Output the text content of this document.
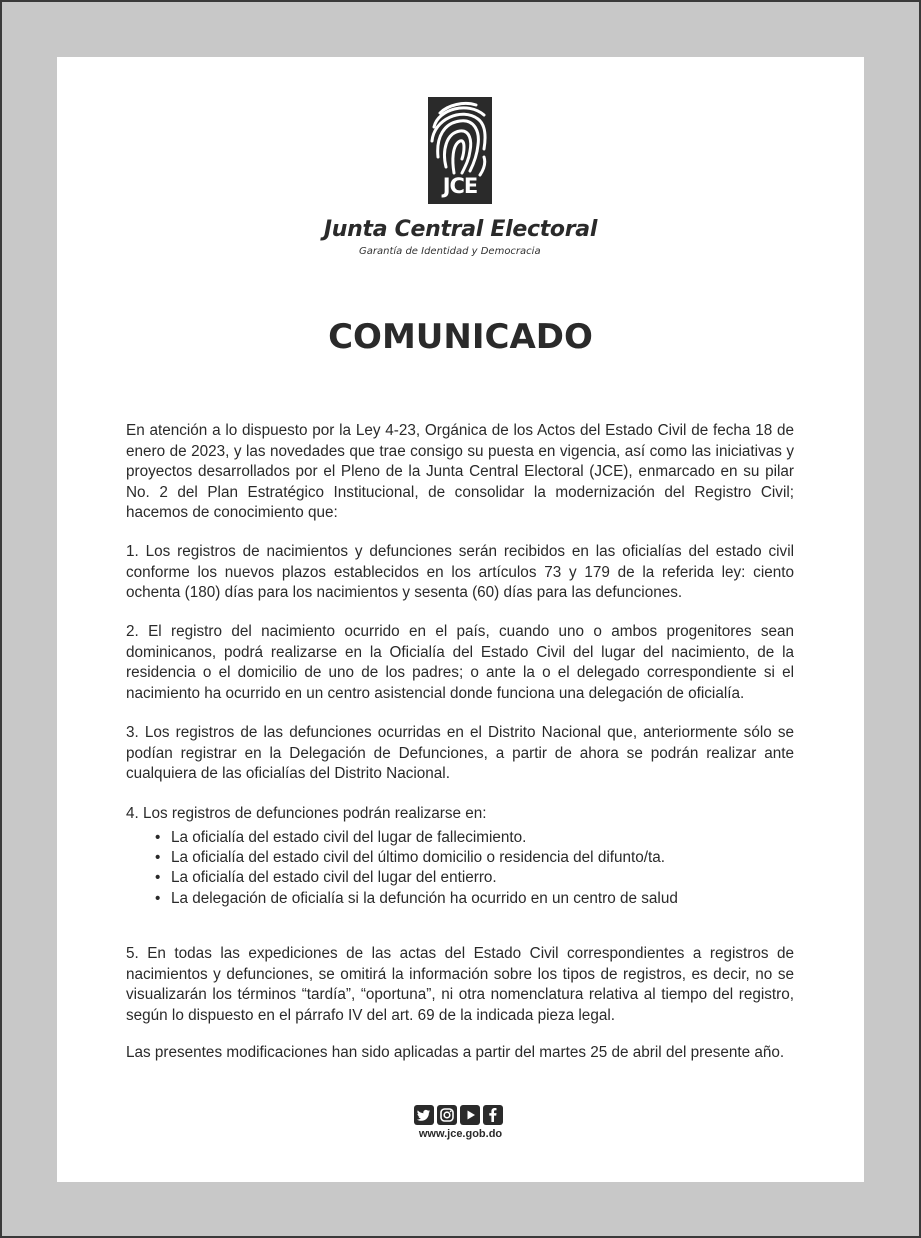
JCE
Junta Central Electoral
Garantía de Identidad y Democracia
COMUNICADO

En atención a lo dispuesto por la Ley 4-23, Orgánica de los Actos del Estado Civil de fecha 18 de enero de 2023, y las novedades que trae consigo su puesta en vigencia, así como las iniciativas y proyectos desarrollados por el Pleno de la Junta Central Electoral (JCE), enmarcado en su pilar No. 2 del Plan Estratégico Institucional, de consolidar la modernización del Registro Civil; hacemos de conocimiento que:

1. Los registros de nacimientos y defunciones serán recibidos en las oficialías del estado civil conforme los nuevos plazos establecidos en los artículos 73 y 179 de la referida ley: ciento ochenta (180) días para los nacimientos y sesenta (60) días para las defunciones.

2. El registro del nacimiento ocurrido en el país, cuando uno o ambos progenitores sean dominicanos, podrá realizarse en la Oficialía del Estado Civil del lugar del nacimiento, de la residencia o el domicilio de uno de los padres; o ante la o el delegado correspondiente si el nacimiento ha ocurrido en un centro asistencial donde funciona una delegación de oficialía.

3. Los registros de las defunciones ocurridas en el Distrito Nacional que, anteriormente sólo se podían registrar en la Delegación de Defunciones, a partir de ahora se podrán realizar ante cualquiera de las oficialías del Distrito Nacional.

4. Los registros de defunciones podrán realizarse en:

• La oficialía del estado civil del lugar de fallecimiento.
• La oficialía del estado civil del último domicilio o residencia del difunto/ta.
• La oficialía del estado civil del lugar del entierro.
• La delegación de oficialía si la defunción ha ocurrido en un centro de salud

5. En todas las expediciones de las actas del Estado Civil correspondientes a registros de nacimientos y defunciones, se omitirá la información sobre los tipos de registros, es decir, no se visualizarán los términos “tardía”, “oportuna”, ni otra nomenclatura relativa al tiempo del registro, según lo dispuesto en el párrafo IV del art. 69 de la indicada pieza legal.

Las presentes modificaciones han sido aplicadas a partir del martes 25 de abril del presente año.

www.jce.gob.do
